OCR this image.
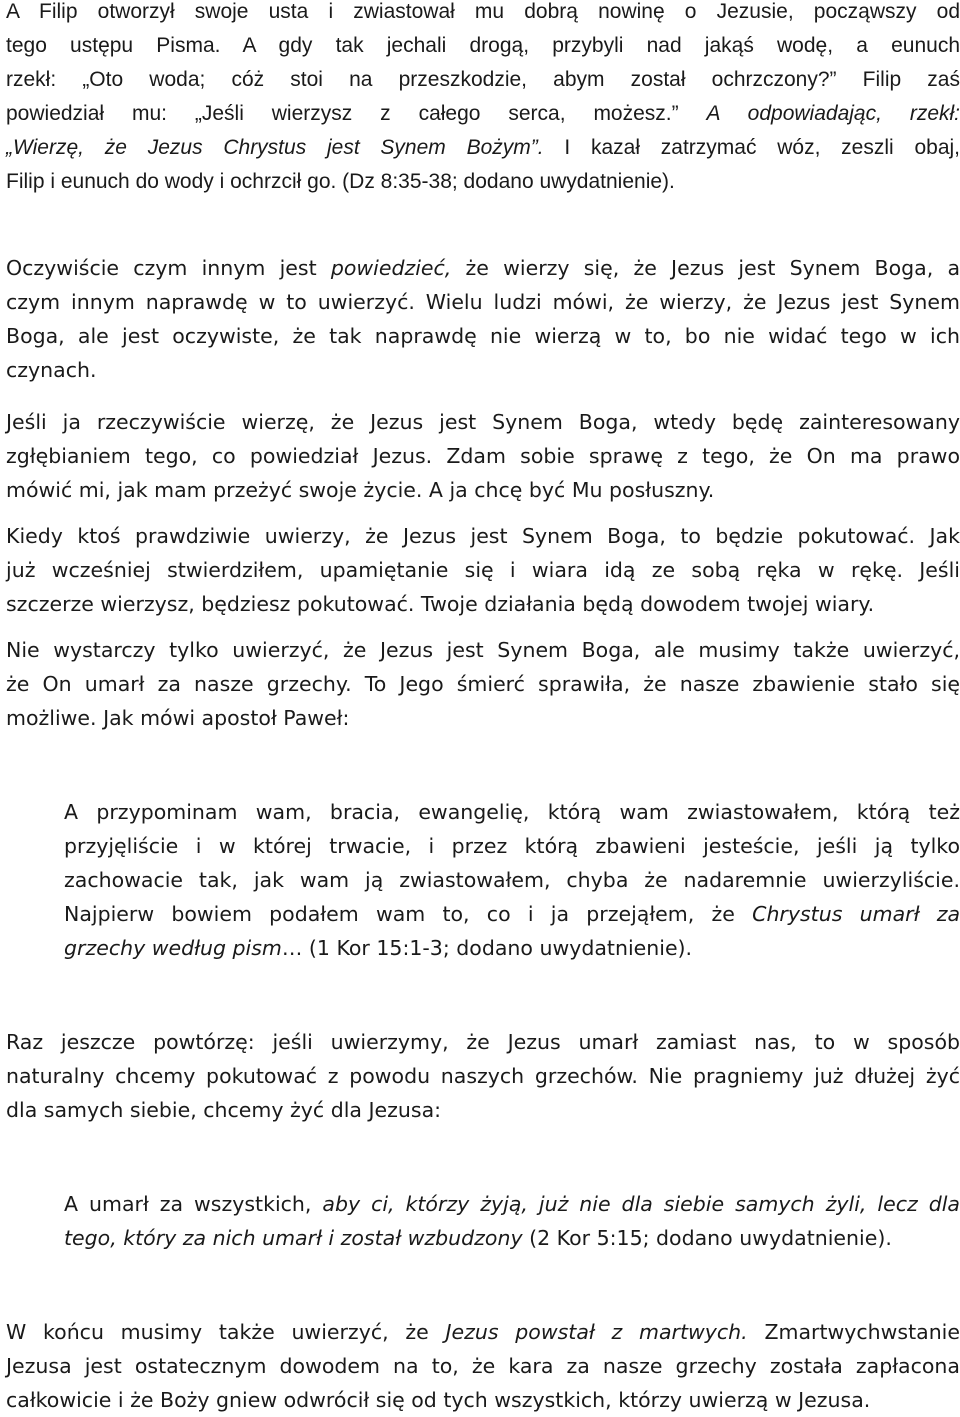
A Filip otworzył swoje usta i zwiastował mu dobrą nowinę o Jezusie, począwszy od
tego ustępu Pisma. A gdy tak jechali drogą, przybyli nad jakąś wodę, a eunuch
rzekł: „Oto woda; cóż stoi na przeszkodzie, abym został ochrzczony?” Filip zaś
powiedział mu: „Jeśli wierzysz z całego serca, możesz.” A odpowiadając, rzekł:
„Wierzę, że Jezus Chrystus jest Synem Bożym”. I kazał zatrzymać wóz, zeszli obaj,
Filip i eunuch do wody i ochrzcił go. (Dz 8:35-38; dodano uwydatnienie).

Oczywiście czym innym jest powiedzieć, że wierzy się, że Jezus jest Synem Boga, a
czym innym naprawdę w to uwierzyć. Wielu ludzi mówi, że wierzy, że Jezus jest Synem
Boga, ale jest oczywiste, że tak naprawdę nie wierzą w to, bo nie widać tego w ich
czynach.

Jeśli ja rzeczywiście wierzę, że Jezus jest Synem Boga, wtedy będę zainteresowany
zgłębianiem tego, co powiedział Jezus. Zdam sobie sprawę z tego, że On ma prawo
mówić mi, jak mam przeżyć swoje życie. A ja chcę być Mu posłuszny.

Kiedy ktoś prawdziwie uwierzy, że Jezus jest Synem Boga, to będzie pokutować. Jak
już wcześniej stwierdziłem, upamiętanie się i wiara idą ze sobą ręka w rękę. Jeśli
szczerze wierzysz, będziesz pokutować. Twoje działania będą dowodem twojej wiary.

Nie wystarczy tylko uwierzyć, że Jezus jest Synem Boga, ale musimy także uwierzyć,
że On umarł za nasze grzechy. To Jego śmierć sprawiła, że nasze zbawienie stało się
możliwe. Jak mówi apostoł Paweł:

A przypominam wam, bracia, ewangelię, którą wam zwiastowałem, którą też
przyjęliście i w której trwacie, i przez którą zbawieni jesteście, jeśli ją tylko
zachowacie tak, jak wam ją zwiastowałem, chyba że nadaremnie uwierzyliście.
Najpierw bowiem podałem wam to, co i ja przejąłem, że Chrystus umarł za
grzechy według pism… (1 Kor 15:1-3; dodano uwydatnienie).

Raz jeszcze powtórzę: jeśli uwierzymy, że Jezus umarł zamiast nas, to w sposób
naturalny chcemy pokutować z powodu naszych grzechów. Nie pragniemy już dłużej żyć
dla samych siebie, chcemy żyć dla Jezusa:

A umarł za wszystkich, aby ci, którzy żyją, już nie dla siebie samych żyli, lecz dla
tego, który za nich umarł i został wzbudzony (2 Kor 5:15; dodano uwydatnienie).

W końcu musimy także uwierzyć, że Jezus powstał z martwych. Zmartwychwstanie
Jezusa jest ostatecznym dowodem na to, że kara za nasze grzechy została zapłacona
całkowicie i że Boży gniew odwrócił się od tych wszystkich, którzy uwierzą w Jezusa.
